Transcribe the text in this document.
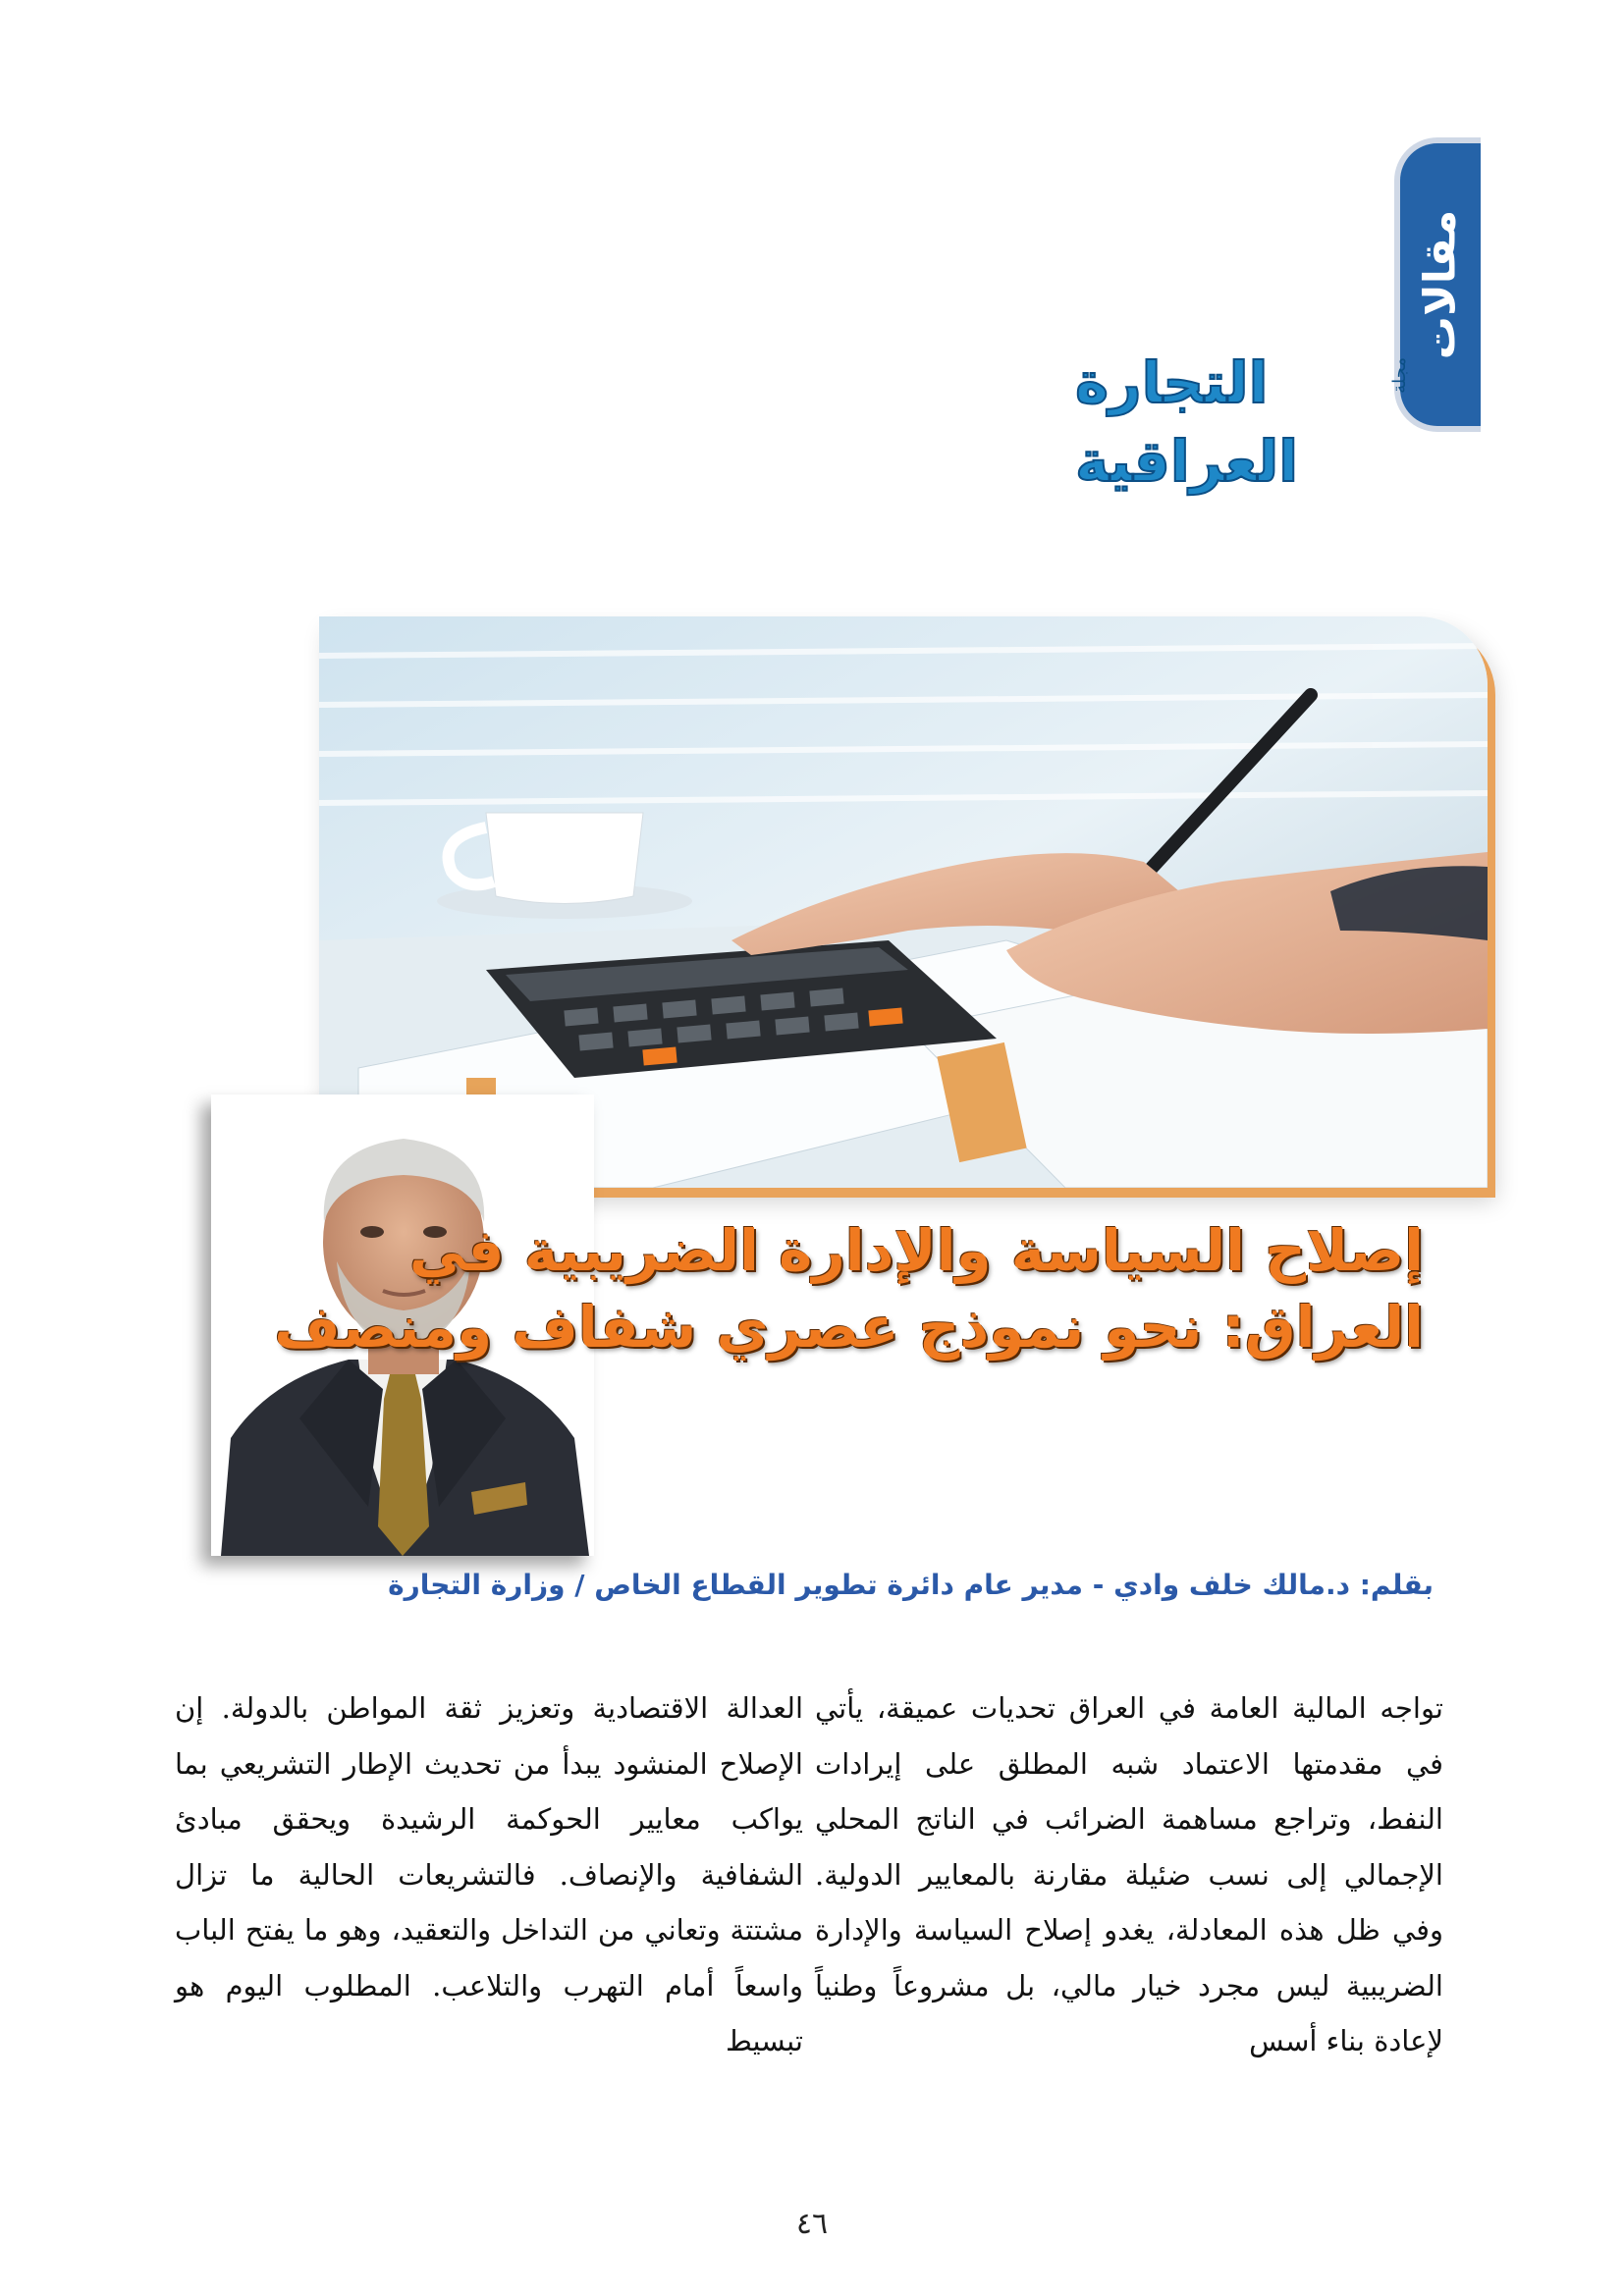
مقالات
التجارة العراقية
مجلة
إصلاح السياسة والإدارة الضريبية في
العراق: نحو نموذج عصري شفاف ومنصف
بقلم: د.مالك خلف وادي - مدير عام دائرة تطوير القطاع الخاص / وزارة التجارة

تواجه المالية العامة في العراق تحديات عميقة، يأتي في مقدمتها الاعتماد شبه المطلق على إيرادات النفط، وتراجع مساهمة الضرائب في الناتج المحلي الإجمالي إلى نسب ضئيلة مقارنة بالمعايير الدولية. وفي ظل هذه المعادلة، يغدو إصلاح السياسة والإدارة الضريبية ليس مجرد خيار مالي، بل مشروعاً وطنياً لإعادة بناء أسس

العدالة الاقتصادية وتعزيز ثقة المواطن بالدولة. إن الإصلاح المنشود يبدأ من تحديث الإطار التشريعي بما يواكب معايير الحوكمة الرشيدة ويحقق مبادئ الشفافية والإنصاف. فالتشريعات الحالية ما تزال مشتتة وتعاني من التداخل والتعقيد، وهو ما يفتح الباب واسعاً أمام التهرب والتلاعب. المطلوب اليوم هو تبسيط

٤٦
